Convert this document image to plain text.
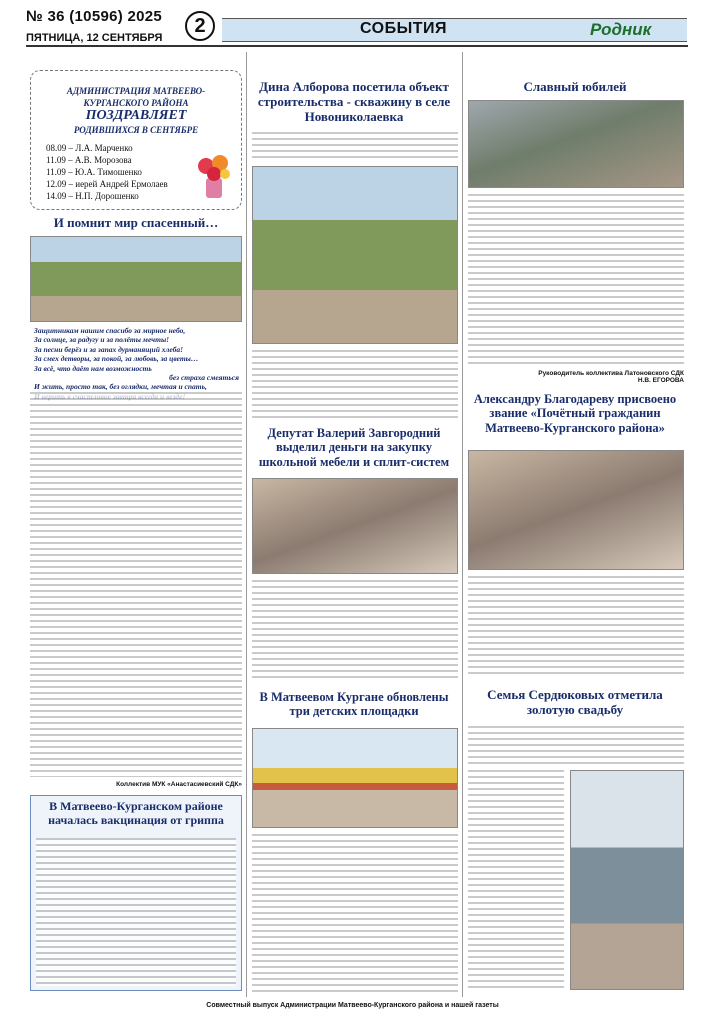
№ 36 (10596) 2025
ПЯТНИЦА, 12 СЕНТЯБРЯ
2	СОБЫТИЯ	Родник
АДМИНИСТРАЦИЯ МАТВЕЕВО-КУРГАНСКОГО РАЙОНА
ПОЗДРАВЛЯЕТ
РОДИВШИХСЯ В СЕНТЯБРЕ
08.09 – Л.А. Марченко
11.09 – А.В. Морозова
11.09 – Ю.А. Тимошенко
12.09 – иерей Андрей Ермолаев
14.09 – Н.П. Дорошенко
И помнит мир спасенный…
Защитникам нашим спасибо за мирное небо,
За солнце, за радугу и за полёты мечты!
За песни берёз и за запах дурманящий хлеба!
За смех детворы, за покой, за любовь, за цветы…
За всё, что даёт нам возможность
без страха смеяться
И жить, просто так, без оглядки, мечтая и спать,
Коллектив МУК «Анастасиевский СДК»
В Матвеево-Курганском районе началась вакцинация от гриппа
Дина Алборова посетила объект строительства - скважину в селе Новониколаевка
Депутат Валерий Завгородний выделил деньги на закупку школьной мебели и сплит-систем
В Матвеевом Кургане обновлены три детских площадки
Славный юбилей
Руководитель коллектива Латоновского СДК
Н.В. ЕГОРОВА
Александру Благодареву присвоено звание «Почётный гражданин Матвеево-Курганского района»
Семья Сердюковых отметила золотую свадьбу
Совместный выпуск Администрации Матвеево-Курганского района и нашей газеты
